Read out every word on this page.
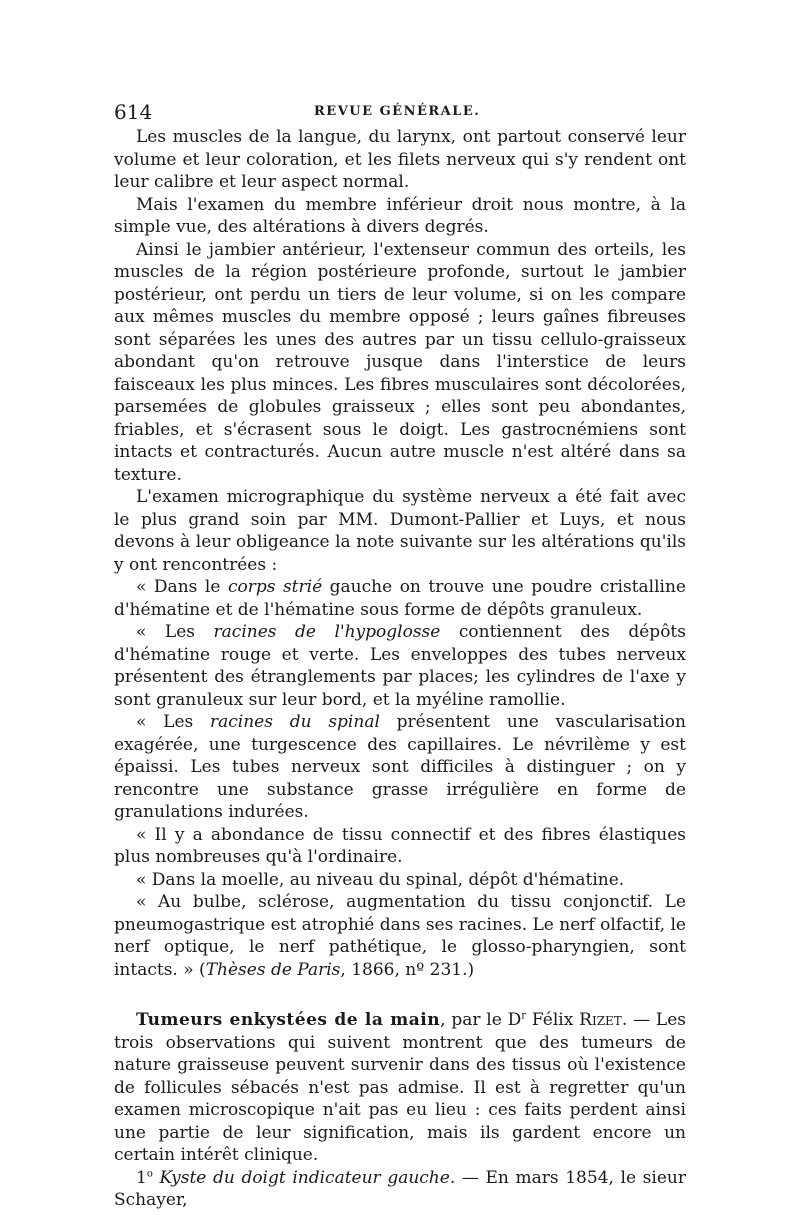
614	REVUE GÉNÉRALE.

Les muscles de la langue, du larynx, ont partout conservé leur volume et leur coloration, et les filets nerveux qui s'y rendent ont leur calibre et leur aspect normal.

Mais l'examen du membre inférieur droit nous montre, à la simple vue, des altérations à divers degrés.

Ainsi le jambier antérieur, l'extenseur commun des orteils, les muscles de la région postérieure profonde, surtout le jambier postérieur, ont perdu un tiers de leur volume, si on les compare aux mêmes muscles du membre opposé ; leurs gaînes fibreuses sont séparées les unes des autres par un tissu cellulo-graisseux abondant qu'on retrouve jusque dans l'interstice de leurs faisceaux les plus minces. Les fibres musculaires sont décolorées, parsemées de globules graisseux ; elles sont peu abondantes, friables, et s'écrasent sous le doigt. Les gastrocnémiens sont intacts et contracturés. Aucun autre muscle n'est altéré dans sa texture.

L'examen micrographique du système nerveux a été fait avec le plus grand soin par MM. Dumont-Pallier et Luys, et nous devons à leur obligeance la note suivante sur les altérations qu'ils y ont rencontrées :

« Dans le corps strié gauche on trouve une poudre cristalline d'hématine et de l'hématine sous forme de dépôts granuleux.

« Les racines de l'hypoglosse contiennent des dépôts d'hématine rouge et verte. Les enveloppes des tubes nerveux présentent des étranglements par places; les cylindres de l'axe y sont granuleux sur leur bord, et la myéline ramollie.

« Les racines du spinal présentent une vascularisation exagérée, une turgescence des capillaires. Le névrilème y est épaissi. Les tubes nerveux sont difficiles à distinguer ; on y rencontre une substance grasse irrégulière en forme de granulations indurées.

« Il y a abondance de tissu connectif et des fibres élastiques plus nombreuses qu'à l'ordinaire.

« Dans la moelle, au niveau du spinal, dépôt d'hématine.

« Au bulbe, sclérose, augmentation du tissu conjonctif. Le pneumogastrique est atrophié dans ses racines. Le nerf olfactif, le nerf optique, le nerf pathétique, le glosso-pharyngien, sont intacts. » (Thèses de Paris, 1866, nº 231.)

Tumeurs enkystées de la main, par le $D^r$ Félix Rizet. — Les trois observations qui suivent montrent que des tumeurs de nature graisseuse peuvent survenir dans des tissus où l'existence de follicules sébacés n'est pas admise. Il est à regretter qu'un examen microscopique n'ait pas eu lieu : ces faits perdent ainsi une partie de leur signification, mais ils gardent encore un certain intérêt clinique.

1$^o$ Kyste du doigt indicateur gauche. — En mars 1854, le sieur Schayer,
